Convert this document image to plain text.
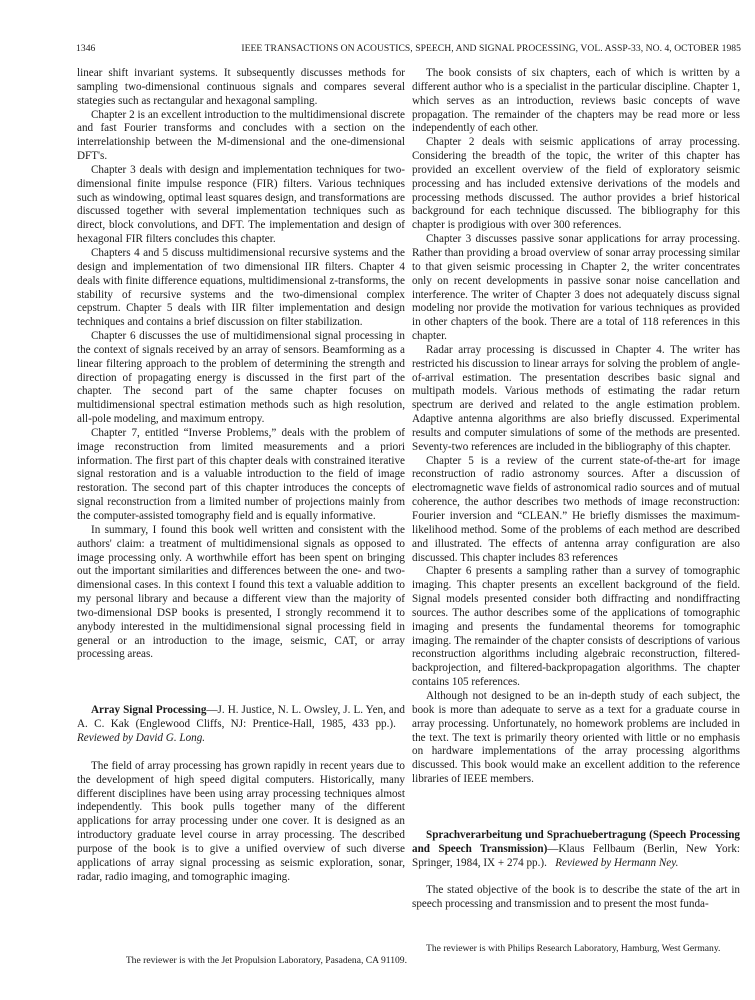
1346	IEEE TRANSACTIONS ON ACOUSTICS, SPEECH, AND SIGNAL PROCESSING, VOL. ASSP-33, NO. 4, OCTOBER 1985

linear shift invariant systems. It subsequently discusses methods for sampling two-dimensional continuous signals and compares several stategies such as rectangular and hexagonal sampling.

Chapter 2 is an excellent introduction to the multidimensional discrete and fast Fourier transforms and concludes with a section on the interrelationship between the M-dimensional and the one-dimensional DFT's.

Chapter 3 deals with design and implementation techniques for two-dimensional finite impulse responce (FIR) filters. Various techniques such as windowing, optimal least squares design, and transformations are discussed together with several implementation techniques such as direct, block convolutions, and DFT. The implementation and design of hexagonal FIR filters concludes this chapter.

Chapters 4 and 5 discuss multidimensional recursive systems and the design and implementation of two dimensional IIR filters. Chapter 4 deals with finite difference equations, multidimensional z-transforms, the stability of recursive systems and the two-dimensional complex cepstrum. Chapter 5 deals with IIR filter implementation and design techniques and contains a brief discussion on filter stabilization.

Chapter 6 discusses the use of multidimensional signal processing in the context of signals received by an array of sensors. Beamforming as a linear filtering approach to the problem of determining the strength and direction of propagating energy is discussed in the first part of the chapter. The second part of the same chapter focuses on multidimensional spectral estimation methods such as high resolution, all-pole modeling, and maximum entropy.

Chapter 7, entitled “Inverse Problems,” deals with the problem of image reconstruction from limited measurements and a priori information. The first part of this chapter deals with constrained iterative signal restoration and is a valuable introduction to the field of image restoration. The second part of this chapter introduces the concepts of signal reconstruction from a limited number of projections mainly from the computer-assisted tomography field and is equally informative.

In summary, I found this book well written and consistent with the authors' claim: a treatment of multidimensional signals as opposed to image processing only. A worthwhile effort has been spent on bringing out the important similarities and differences between the one- and two-dimensional cases. In this context I found this text a valuable addition to my personal library and because a different view than the majority of two-dimensional DSP books is presented, I strongly recommend it to anybody interested in the multidimensional signal processing field in general or an introduction to the image, seismic, CAT, or array processing areas.

Array Signal Processing—J. H. Justice, N. L. Owsley, J. L. Yen, and A. C. Kak (Englewood Cliffs, NJ: Prentice-Hall, 1985, 433 pp.).   Reviewed by David G. Long.

The field of array processing has grown rapidly in recent years due to the development of high speed digital computers. Historically, many different disciplines have been using array processing techniques almost independently. This book pulls together many of the different applications for array processing under one cover. It is designed as an introductory graduate level course in array processing. The described purpose of the book is to give a unified overview of such diverse applications of array signal processing as seismic exploration, sonar, radar, radio imaging, and tomographic imaging.

The reviewer is with the Jet Propulsion Laboratory, Pasadena, CA 91109.

The book consists of six chapters, each of which is written by a different author who is a specialist in the particular discipline. Chapter 1, which serves as an introduction, reviews basic concepts of wave propagation. The remainder of the chapters may be read more or less independently of each other.

Chapter 2 deals with seismic applications of array processing. Considering the breadth of the topic, the writer of this chapter has provided an excellent overview of the field of exploratory seismic processing and has included extensive derivations of the models and processing methods discussed. The author provides a brief historical background for each technique discussed. The bibliography for this chapter is prodigious with over 300 references.

Chapter 3 discusses passive sonar applications for array processing. Rather than providing a broad overview of sonar array processing similar to that given seismic processing in Chapter 2, the writer concentrates only on recent developments in passive sonar noise cancellation and interference. The writer of Chapter 3 does not adequately discuss signal modeling nor provide the motivation for various techniques as provided in other chapters of the book. There are a total of 118 references in this chapter.

Radar array processing is discussed in Chapter 4. The writer has restricted his discussion to linear arrays for solving the problem of angle-of-arrival estimation. The presentation describes basic signal and multipath models. Various methods of estimating the radar return spectrum are derived and related to the angle estimation problem. Adaptive antenna algorithms are also briefly discussed. Experimental results and computer simulations of some of the methods are presented. Seventy-two references are included in the bibliography of this chapter.

Chapter 5 is a review of the current state-of-the-art for image reconstruction of radio astronomy sources. After a discussion of electromagnetic wave fields of astronomical radio sources and of mutual coherence, the author describes two methods of image reconstruction: Fourier inversion and “CLEAN.” He briefly dismisses the maximum-likelihood method. Some of the problems of each method are described and illustrated. The effects of antenna array configuration are also discussed. This chapter includes 83 references

Chapter 6 presents a sampling rather than a survey of tomographic imaging. This chapter presents an excellent background of the field. Signal models presented consider both diffracting and nondiffracting sources. The author describes some of the applications of tomographic imaging and presents the fundamental theorems for tomographic imaging. The remainder of the chapter consists of descriptions of various reconstruction algorithms including algebraic reconstruction, filtered-backprojection, and filtered-backpropagation algorithms. The chapter contains 105 references.

Although not designed to be an in-depth study of each subject, the book is more than adequate to serve as a text for a graduate course in array processing. Unfortunately, no homework problems are included in the text. The text is primarily theory oriented with little or no emphasis on hardware implementations of the array processing algorithms discussed. This book would make an excellent addition to the reference libraries of IEEE members.

Sprachverarbeitung und Sprachuebertragung (Speech Processing and Speech Transmission)—Klaus Fellbaum (Berlin, New York: Springer, 1984, IX + 274 pp.). Reviewed by Hermann Ney.

The stated objective of the book is to describe the state of the art in speech processing and transmission and to present the most funda-

The reviewer is with Philips Research Laboratory, Hamburg, West Germany.
